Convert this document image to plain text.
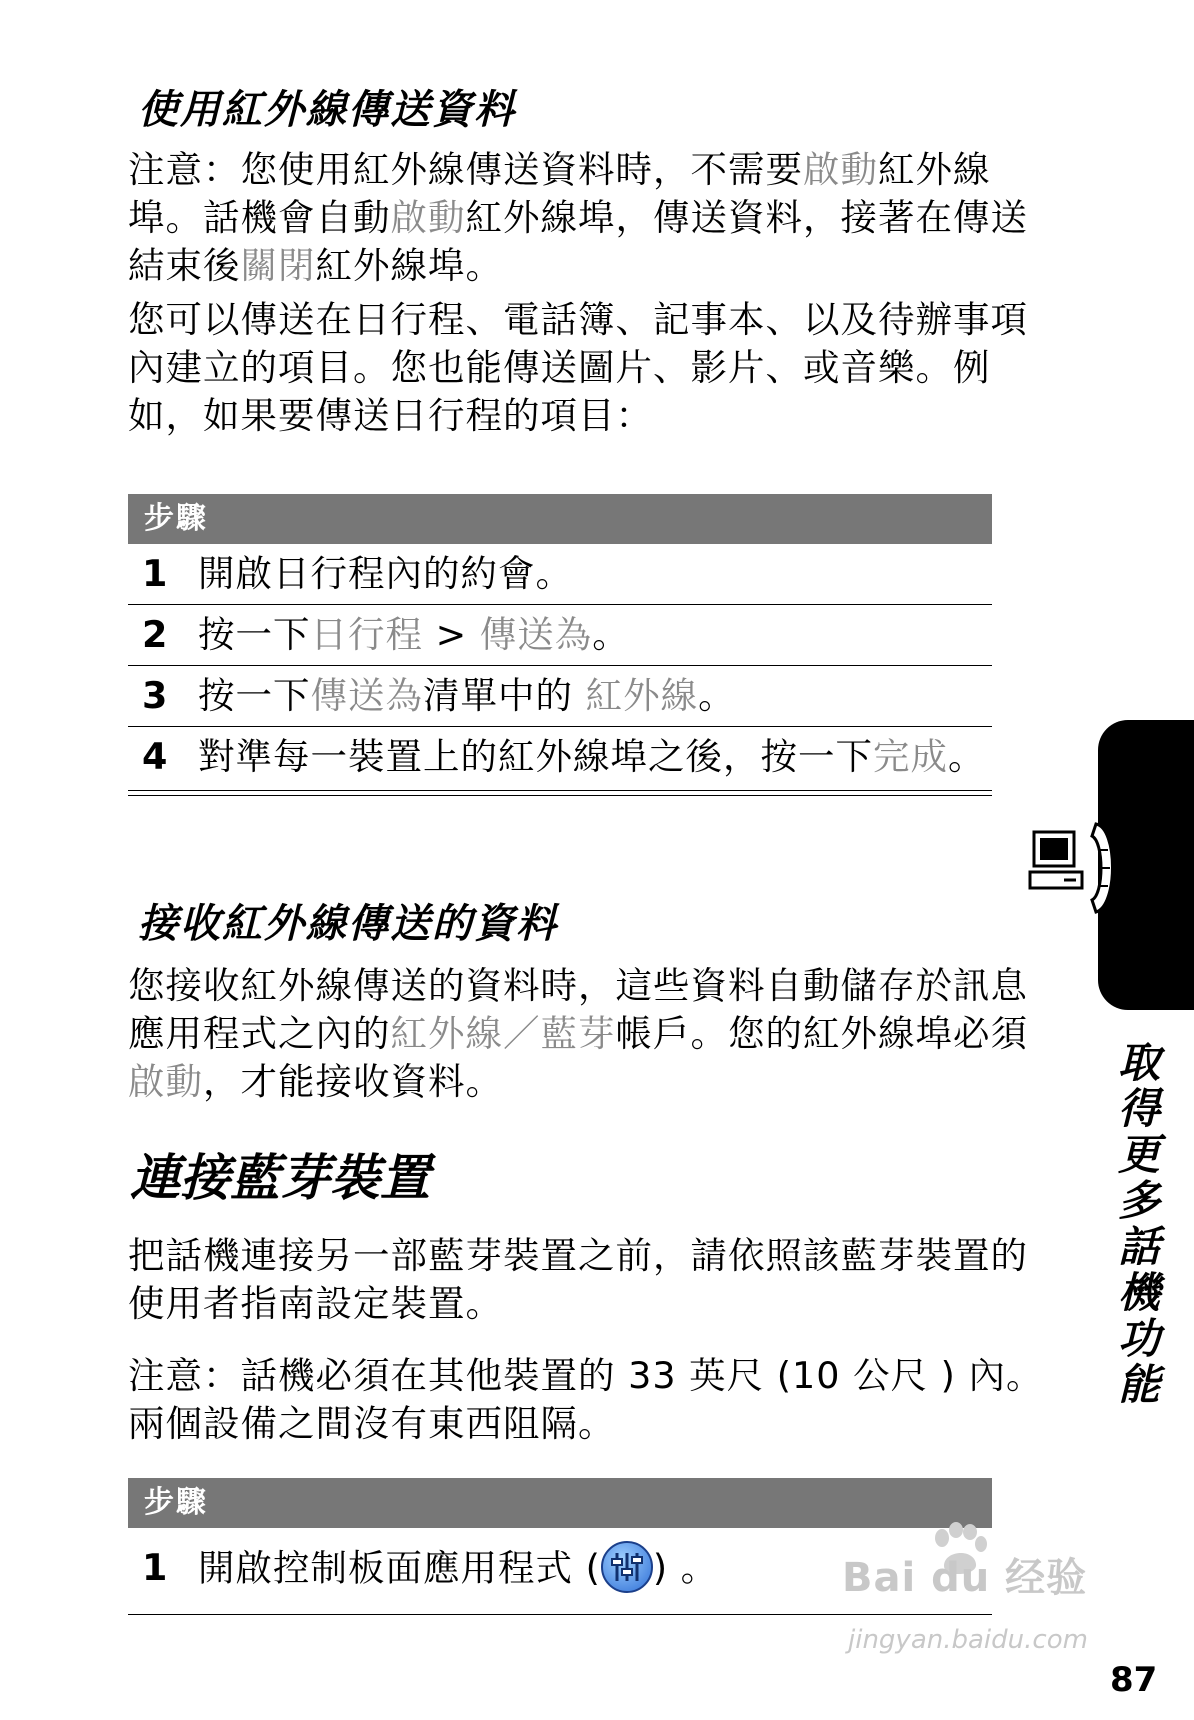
使用紅外線傳送資料

注意：您使用紅外線傳送資料時，不需要啟動紅外線埠。話機會自動啟動紅外線埠，傳送資料，接著在傳送結束後關閉紅外線埠。

您可以傳送在日行程、電話簿、記事本、以及待辦事項內建立的項目。您也能傳送圖片、影片、或音樂。例如，如果要傳送日行程的項目：

步驟
1 開啟日行程內的約會。
2 按一下日行程 > 傳送為。
3 按一下傳送為清單中的 紅外線。
4 對準每一裝置上的紅外線埠之後，按一下完成。
接收紅外線傳送的資料

您接收紅外線傳送的資料時，這些資料自動儲存於訊息應用程式之內的紅外線／藍芽帳戶。您的紅外線埠必須啟動，才能接收資料。

連接藍芽裝置

把話機連接另一部藍芽裝置之前，請依照該藍芽裝置的使用者指南設定裝置。

注意：話機必須在其他裝置的 33 英尺 (10 公尺 ) 內。兩個設備之間沒有東西阻隔。

步驟
1 開啟控制板面應用程式 ( ) 。
取得更多話機功能
Bai du 经验
jingyan.baidu.com
87
